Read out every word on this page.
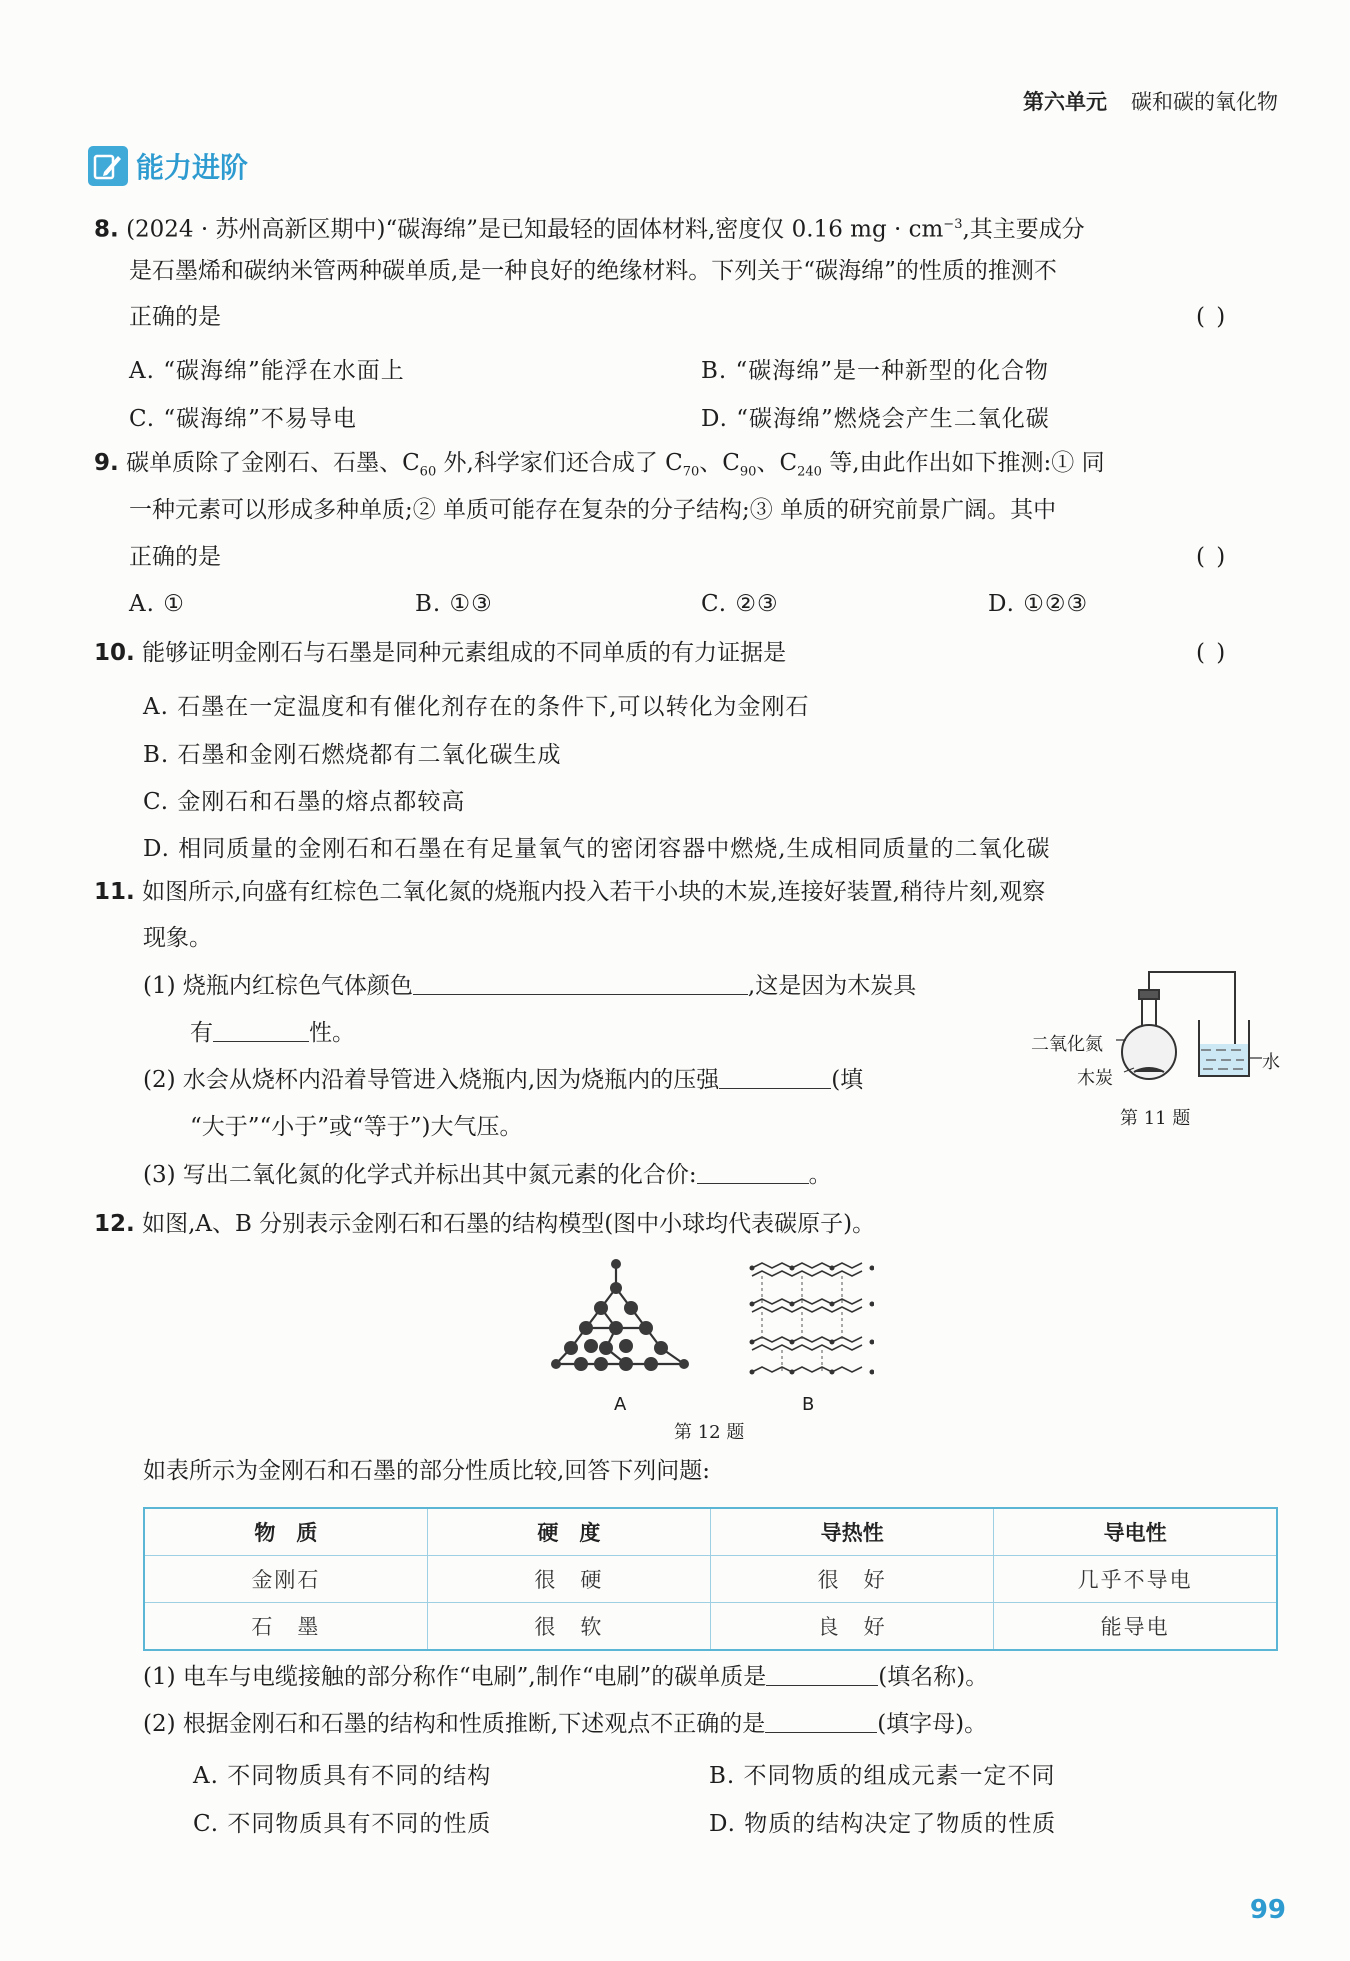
第六单元 碳和碳的氧化物
能力进阶
8. (2024 · 苏州高新区期中)“碳海绵”是已知最轻的固体材料,密度仅 0.16 mg · $cm^{-3}$,其主要成分
是石墨烯和碳纳米管两种碳单质,是一种良好的绝缘材料。下列关于“碳海绵”的性质的推测不
正确的是	( )
A. “碳海绵”能浮在水面上	B. “碳海绵”是一种新型的化合物
C. “碳海绵”不易导电	D. “碳海绵”燃烧会产生二氧化碳
9. 碳单质除了金刚石、石墨、$C_{60}$ 外,科学家们还合成了 $C_{70}$、$C_{90}$、$C_{240}$ 等,由此作出如下推测:① 同
一种元素可以形成多种单质;② 单质可能存在复杂的分子结构;③ 单质的研究前景广阔。其中
正确的是	( )
A. ①	B. ①③	C. ②③	D. ①②③
10. 能够证明金刚石与石墨是同种元素组成的不同单质的有力证据是	( )
A. 石墨在一定温度和有催化剂存在的条件下,可以转化为金刚石
B. 石墨和金刚石燃烧都有二氧化碳生成
C. 金刚石和石墨的熔点都较高
D. 相同质量的金刚石和石墨在有足量氧气的密闭容器中燃烧,生成相同质量的二氧化碳
11. 如图所示,向盛有红棕色二氧化氮的烧瓶内投入若干小块的木炭,连接好装置,稍待片刻,观察
现象。
(1) 烧瓶内红棕色气体颜色	,这是因为木炭具
有	性。
(2) 水会从烧杯内沿着导管进入烧瓶内,因为烧瓶内的压强	(填
“大于”“小于”或“等于”)大气压。
(3) 写出二氧化氮的化学式并标出其中氮元素的化合价:	。
二氧化氮
木炭
水
第 11 题
12. 如图,A、B 分别表示金刚石和石墨的结构模型(图中小球均代表碳原子)。
A	B
第 12 题
如表所示为金刚石和石墨的部分性质比较,回答下列问题:
物　质	硬　度	导热性	导电性
金刚石	很　硬	很　好	几乎不导电
石　墨	很　软	良　好	能导电
(1) 电车与电缆接触的部分称作“电刷”,制作“电刷”的碳单质是	(填名称)。
(2) 根据金刚石和石墨的结构和性质推断,下述观点不正确的是	(填字母)。
A. 不同物质具有不同的结构	B. 不同物质的组成元素一定不同
C. 不同物质具有不同的性质	D. 物质的结构决定了物质的性质
99
